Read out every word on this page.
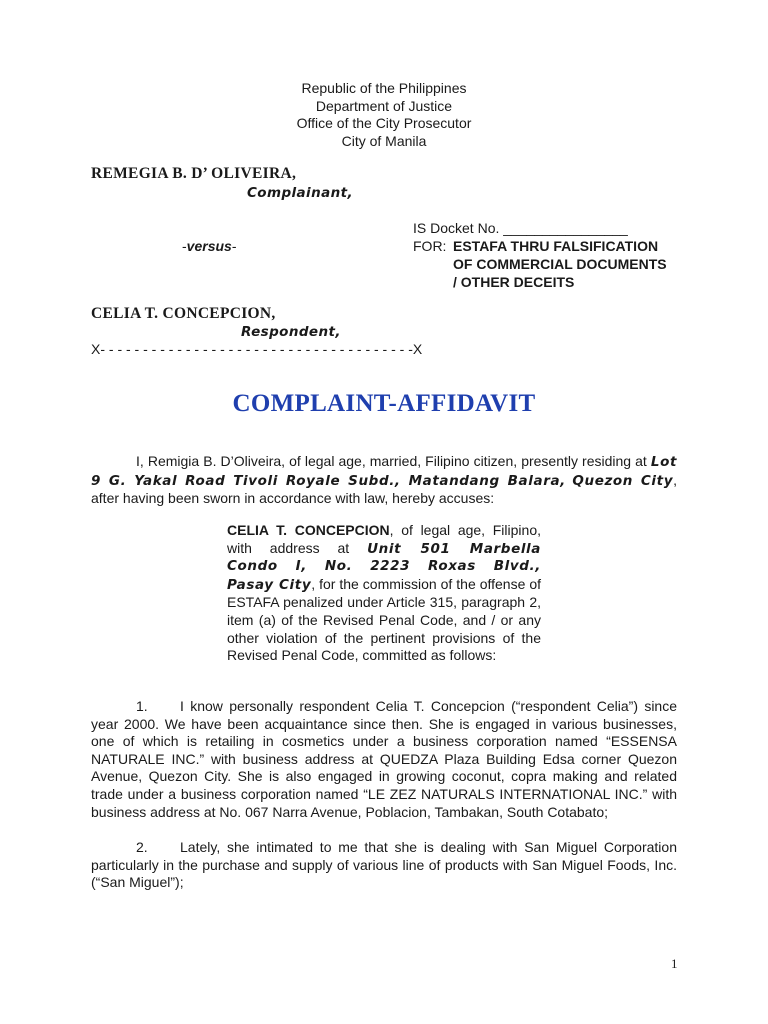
Republic of the Philippines
Department of Justice
Office of the City Prosecutor
City of Manila
REMEGIA B. D’ OLIVEIRA,
Complainant,
IS Docket No. ________________
-versus-	FOR: ESTAFA THRU FALSIFICATION
OF COMMERCIAL DOCUMENTS
/ OTHER DECEITS
CELIA T. CONCEPCION,
Respondent,
X- - - - - - - - - - - - - - - - - - - - - - - - - - - - - - - - - - - - -X
COMPLAINT-AFFIDAVIT
I, Remigia B. D’Oliveira, of legal age, married, Filipino citizen, presently residing at Lot 9 G. Yakal Road Tivoli Royale Subd., Matandang Balara, Quezon City, after having been sworn in accordance with law, hereby accuses:
CELIA T. CONCEPCION, of legal age, Filipino,
with address at Unit 501 Marbella
Condo I, No. 2223 Roxas Blvd.,
Pasay City, for the commission of the offense of ESTAFA penalized under Article 315, paragraph 2, item (a) of the Revised Penal Code, and / or any other violation of the pertinent provisions of the Revised Penal Code, committed as follows:
1. I know personally respondent Celia T. Concepcion (“respondent Celia”) since year 2000. We have been acquaintance since then. She is engaged in various businesses, one of which is retailing in cosmetics under a business corporation named “ESSENSA NATURALE INC.” with business address at QUEDZA Plaza Building Edsa corner Quezon Avenue, Quezon City. She is also engaged in growing coconut, copra making and related trade under a business corporation named “LE ZEZ NATURALS INTERNATIONAL INC.” with business address at No. 067 Narra Avenue, Poblacion, Tambakan, South Cotabato;
2. Lately, she intimated to me that she is dealing with San Miguel Corporation particularly in the purchase and supply of various line of products with San Miguel Foods, Inc. (“San Miguel”);
1
